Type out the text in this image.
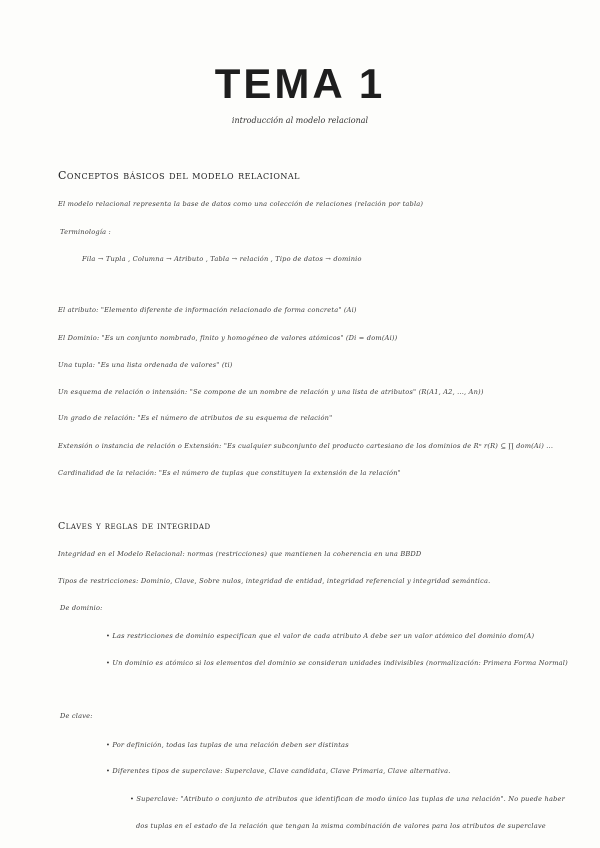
TEMA 1
introducción al modelo relacional
Conceptos básicos del modelo relacional
El modelo relacional representa la base de datos como una colección de relaciones (relación por tabla)
Terminología :
Fila → Tupla , Columna → Atributo , Tabla → relación , Tipo de datos → dominio
El atributo: "Elemento diferente de información relacionado de forma concreta" (Ai)
El Dominio: "Es un conjunto nombrado, finito y homogéneo de valores atómicos" (Di = dom(Ai))
Una tupla: "Es una lista ordenada de valores" (ti)
Un esquema de relación o intensión: "Se compone de un nombre de relación y una lista de atributos" (R(A1, A2, ..., An))
Un grado de relación: "Es el número de atributos de su esquema de relación"
Extensión o instancia de relación o Extensión: "Es cualquier subconjunto del producto cartesiano de los dominios de Rⁿ r(R) ⊆ ∏ dom(Ai) ...
Cardinalidad de la relación: "Es el número de tuplas que constituyen la extensión de la relación"
Claves y reglas de integridad
Integridad en el Modelo Relacional: normas (restricciones) que mantienen la coherencia en una BBDD
Tipos de restricciones: Dominio, Clave, Sobre nulos, integridad de entidad, integridad referencial y integridad semántica.
De dominio:
• Las restricciones de dominio especifican que el valor de cada atributo A debe ser un valor atómico del dominio dom(A)
• Un dominio es atómico si los elementos del dominio se consideran unidades indivisibles (normalización: Primera Forma Normal)
De clave:
• Por definición, todas las tuplas de una relación deben ser distintas
• Diferentes tipos de superclave: Superclave, Clave candidata, Clave Primaria, Clave alternativa.
• Superclave: "Atributo o conjunto de atributos que identifican de modo único las tuplas de una relación". No puede haber
dos tuplas en el estado de la relación que tengan la misma combinación de valores para los atributos de superclave
